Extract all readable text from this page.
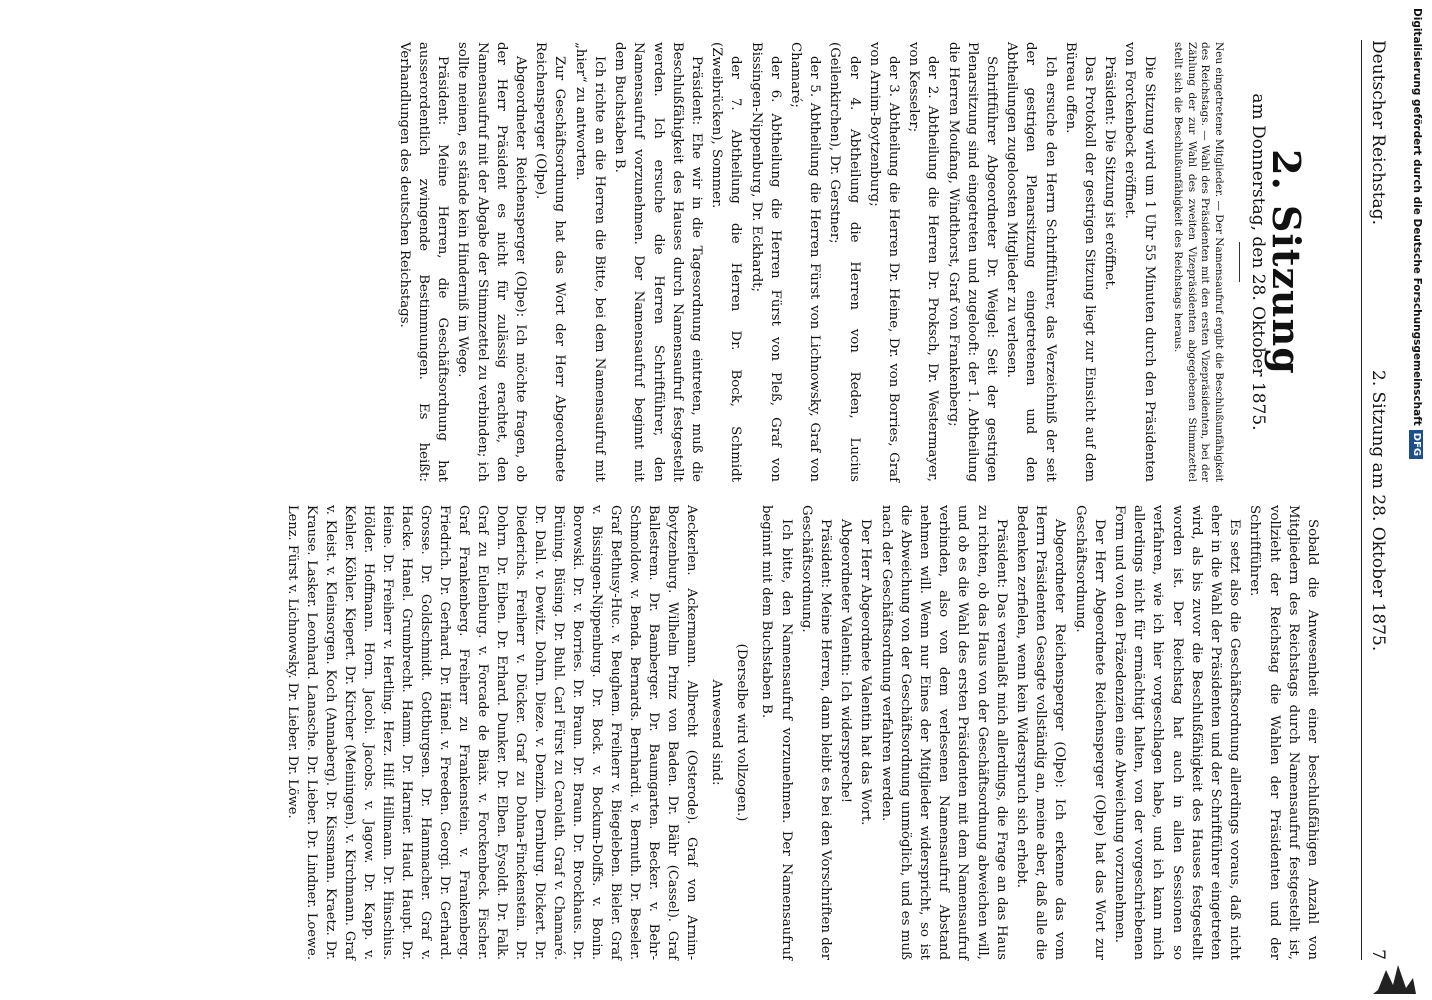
Deutscher Reichstag.
2. Sitzung am 28. Oktober 1875.
7
2. Sitzung
am Donnerstag, den 28. Oktober 1875.

Neu eingetretene Mitglieder. — Der Namensaufruf ergibt die Beschlußunfähigkeit des Reichstags. — Wahl des Präsidenten mit den ersten Vizepräsidenten, bei der Zählung der zur Wahl des zweiten Vizepräsidenten abgegebenen Stimmzettel stellt sich die Beschlußunfähigkeit des Reichstags heraus.

Die Sitzung wird um 1 Uhr 55 Minuten durch den Präsidenten von Forckenbeck eröffnet.

Präsident: Die Sitzung ist eröffnet.

Das Protokoll der gestrigen Sitzung liegt zur Einsicht auf dem Büreau offen.

Ich ersuche den Herrn Schriftführer, das Verzeichniß der seit der gestrigen Plenarsitzung eingetretenen und den Abtheilungen zugeloosten Mitglieder zu verlesen.

Schriftführer Abgeordneter Dr. Weigel: Seit der gestrigen Plenarsitzung sind eingetreten und zugelooft: der 1. Abtheilung die Herren Moufang, Windthorst, Graf von Frankenberg;

der 2. Abtheilung die Herren Dr. Proksch, Dr. Westermayer, von Kesseler;

der 3. Abtheilung die Herren Dr. Heine, Dr. von Borries, Graf von Arnim-Boytzenburg;

der 4. Abtheilung die Herren von Reden, Lucius (Geilenkirchen), Dr. Gerstner;

der 5. Abtheilung die Herren Fürst von Lichnowsky, Graf von Chamaré;

der 6. Abtheilung die Herren Fürst von Pleß, Graf von Bissingen-Nippenburg, Dr. Eckhardt;

der 7. Abtheilung die Herren Dr. Bock, Schmidt (Zweibrücken), Sommer.

Präsident: Ehe wir in die Tagesordnung eintreten, muß die Beschlußfähigkeit des Hauses durch Namensaufruf festgestellt werden. Ich ersuche die Herren Schriftführer, den Namensaufruf vorzunehmen. Der Namensaufruf beginnt mit dem Buchstaben B.

Ich richte an die Herren die Bitte, bei dem Namensaufruf mit „hier“ zu antworten.

Zur Geschäftsordnung hat das Wort der Herr Abgeordnete Reichensperger (Olpe).

Abgeordneter Reichensperger (Olpe): Ich möchte fragen, ob der Herr Präsident es nicht für zulässig erachtet, den Namensaufruf mit der Abgabe der Stimmzettel zu verbinden; ich sollte meinen, es stände kein Hinderniß im Wege.

Präsident: Meine Herren, die Geschäftsordnung hat ausserordentlich zwingende Bestimmungen. Es heißt: Verhandlungen des deutschen Reichstags.

Sobald die Anwesenheit einer beschlußfähigen Anzahl von Mitgliedern des Reichstags durch Namensaufruf festgestellt ist, vollzieht der Reichstag die Wahlen der Präsidenten und der Schriftführer.

Es setzt also die Geschäftsordnung allerdings voraus, daß nicht eher in die Wahl der Präsidenten und der Schriftführer eingetreten wird, als bis zuvor die Beschlußfähigkeit des Hauses festgestellt worden ist. Der Reichstag hat auch in allen Sessionen so verfahren, wie ich hier vorgeschlagen habe, und ich kann mich allerdings nicht für ermächtigt halten, von der vorgeschriebenen Form und von den Präzedenzien eine Abweichung vorzunehmen.

Der Herr Abgeordnete Reichensperger (Olpe) hat das Wort zur Geschäftsordnung.

Abgeordneter Reichensperger (Olpe): Ich erkenne das vom Herrn Präsidenten Gesagte vollständig an, meine aber, daß alle die Bedenken zerfielen, wenn kein Widerspruch sich erhebt.

Präsident: Das veranlaßt mich allerdings, die Frage an das Haus zu richten, ob das Haus von der Geschäftsordnung abweichen will, und ob es die Wahl des ersten Präsidenten mit dem Namensaufruf verbinden, also von dem verlesenen Namensaufruf Abstand nehmen will. Wenn nur Eines der Mitglieder widerspricht, so ist die Abweichung von der Geschäftsordnung unmöglich, und es muß nach der Geschäftsordnung verfahren werden.

Der Herr Abgeordnete Valentin hat das Wort.

Abgeordneter Valentin: Ich widerspreche!

Präsident: Meine Herren, dann bleibt es bei den Vorschriften der Geschäftsordnung.

Ich bitte, den Namensaufruf vorzunehmen. Der Namensaufruf beginnt mit dem Buchstaben B.

(Derselbe wird vollzogen.)

Anwesend sind:

Aeckerlen. Ackermann. Albrecht (Osterode). Graf von Arnim-Boytzenburg. Wilhelm Prinz von Baden. Dr. Bähr (Cassel). Graf Ballestrem. Dr. Bamberger. Dr. Baumgarten. Becker. v. Behr-Schmoldow. v. Benda. Bernards. Bernhardi. v. Bernuth. Dr. Beseler. Graf Bethusy-Huc. v. Beughem. Freiherr v. Biegeleben. Bieler. Graf v. Bissingen-Nippenburg. Dr. Bock. v. Bockum-Dolffs. v. Bonin. Borowski. Dr. v. Borries. Dr. Braun. Dr. Braun. Dr. Brockhaus. Dr. Brüning. Büsing. Dr. Buhl. Carl Fürst zu Carolath. Graf v. Chamaré. Dr. Dahl. v. Dewitz. Dohrn. Dieze. v. Denzin. Dernburg. Dickert. Dr. Diederichs. Freiherr v. Dücker. Graf zu Dohna-Finckenstein. Dr. Dohrn. Dr. Eiben. Dr. Erhard. Dunker. Dr. Elben. Eysoldt. Dr. Falk. Graf zu Eulenburg. v. Forcade de Biaix. v. Forckenbeck. Fischer. Graf Frankenberg. Freiherr zu Frankenstein. v. Frankenberg. Friedrich. Dr. Gerhard. Dr. Hänel. v. Freeden. Georgi. Dr. Gerhard. Grosse. Dr. Goldschmidt. Gottburgsen. Dr. Hammacher. Graf v. Hacke. Hanel. Grumbrecht. Hamm. Dr. Harnier. Haud. Haupt. Dr. Heine. Dr. Freiherr v. Hertling. Herz. Hilf. Hillmann. Dr. Hinschius. Hölder. Hoffmann. Horn. Jacobi. Jacobs. v. Jagow. Dr. Kapp. v. Kehler. Köhler. Kiepert. Dr. Kircher (Meiningen). v. Kirchmann. Graf v. Kleist. v. Kleinsorgen. Koch (Annaberg). Dr. Kissmann. Kraetz. Dr. Krause. Lasker. Leonhard. Lanasche. Dr. Lieber. Dr. Lindner. Loewe. Lenz. Fürst v. Lichnowsky. Dr. Lieber. Dr. Löwe.

Digitalisierung gefördert durch die Deutsche ForschungsgemeinschaftDFG
